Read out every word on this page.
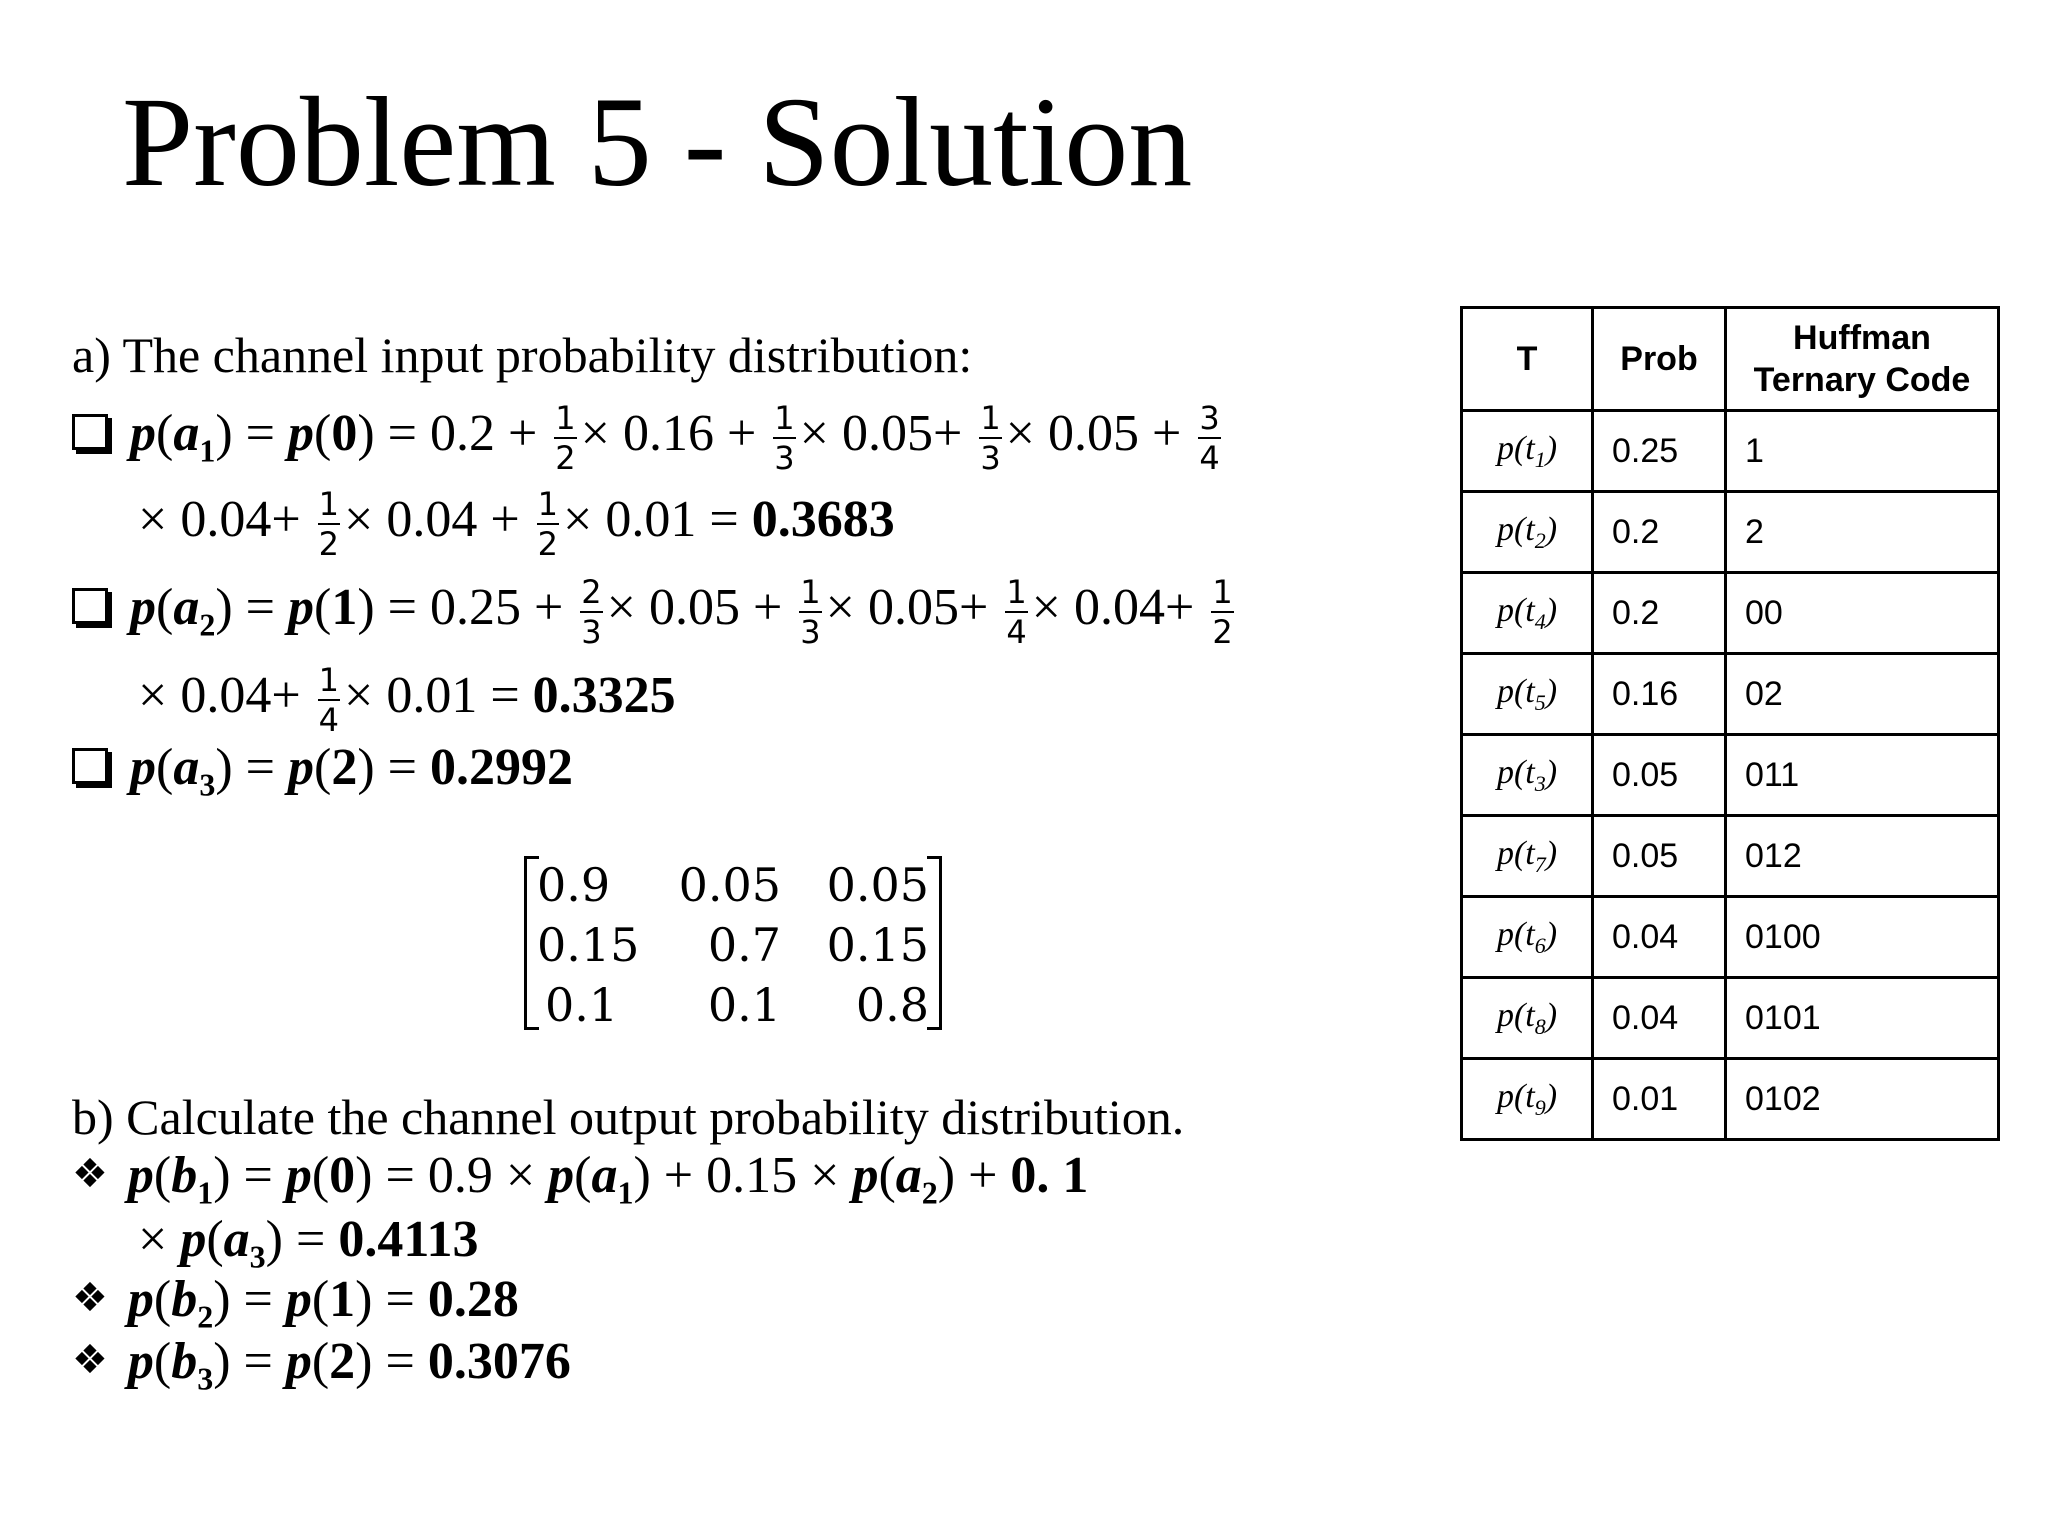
Problem 5 - Solution
a) The channel input probability distribution:
$p(a_1) = p(0) = 0.2 + \frac{1}{2} \times 0.16 + \frac{1}{3} \times 0.05+ \frac{1}{3} \times 0.05 + \frac{3}{4}$
× $0.04+ \frac{1}{2} \times 0.04 + \frac{1}{2} \times 0.01 = 0.3683$
$p(a_2) = p(1) = 0.25 + \frac{2}{3} \times 0.05 + \frac{1}{3} \times 0.05+ \frac{1}{4} \times 0.04+ \frac{1}{2}$
× $0.04+ \frac{1}{4} \times 0.01 = 0.3325$
$p(a_3) = p(2) = 0.2992$
0.9	0.05 0.05
0.15	0.7 0.15
0.1	0.1	0.8
b) Calculate the channel output probability distribution.
❖ $p(b_1) = p(0) = 0.9 \times p(a_1) + 0.15 \times p(a_2) + 0$. 1
× $p(a_3) = 0.4113$
❖ $p(b_2) = p(1) = 0.28$
❖ $p(b_3) = p(2) = 0.3076$
T	Prob	Huffman Ternary Code
$p(t_1)$	0.25	1
$p(t_2)$	0.2	2
$p(t_4)$	0.2	00
$p(t_5)$	0.16	02
$p(t_3)$	0.05	011
$p(t_7)$	0.05	012
$p(t_6)$	0.04	0100
$p(t_8)$	0.04	0101
$p(t_9)$	0.01	0102
